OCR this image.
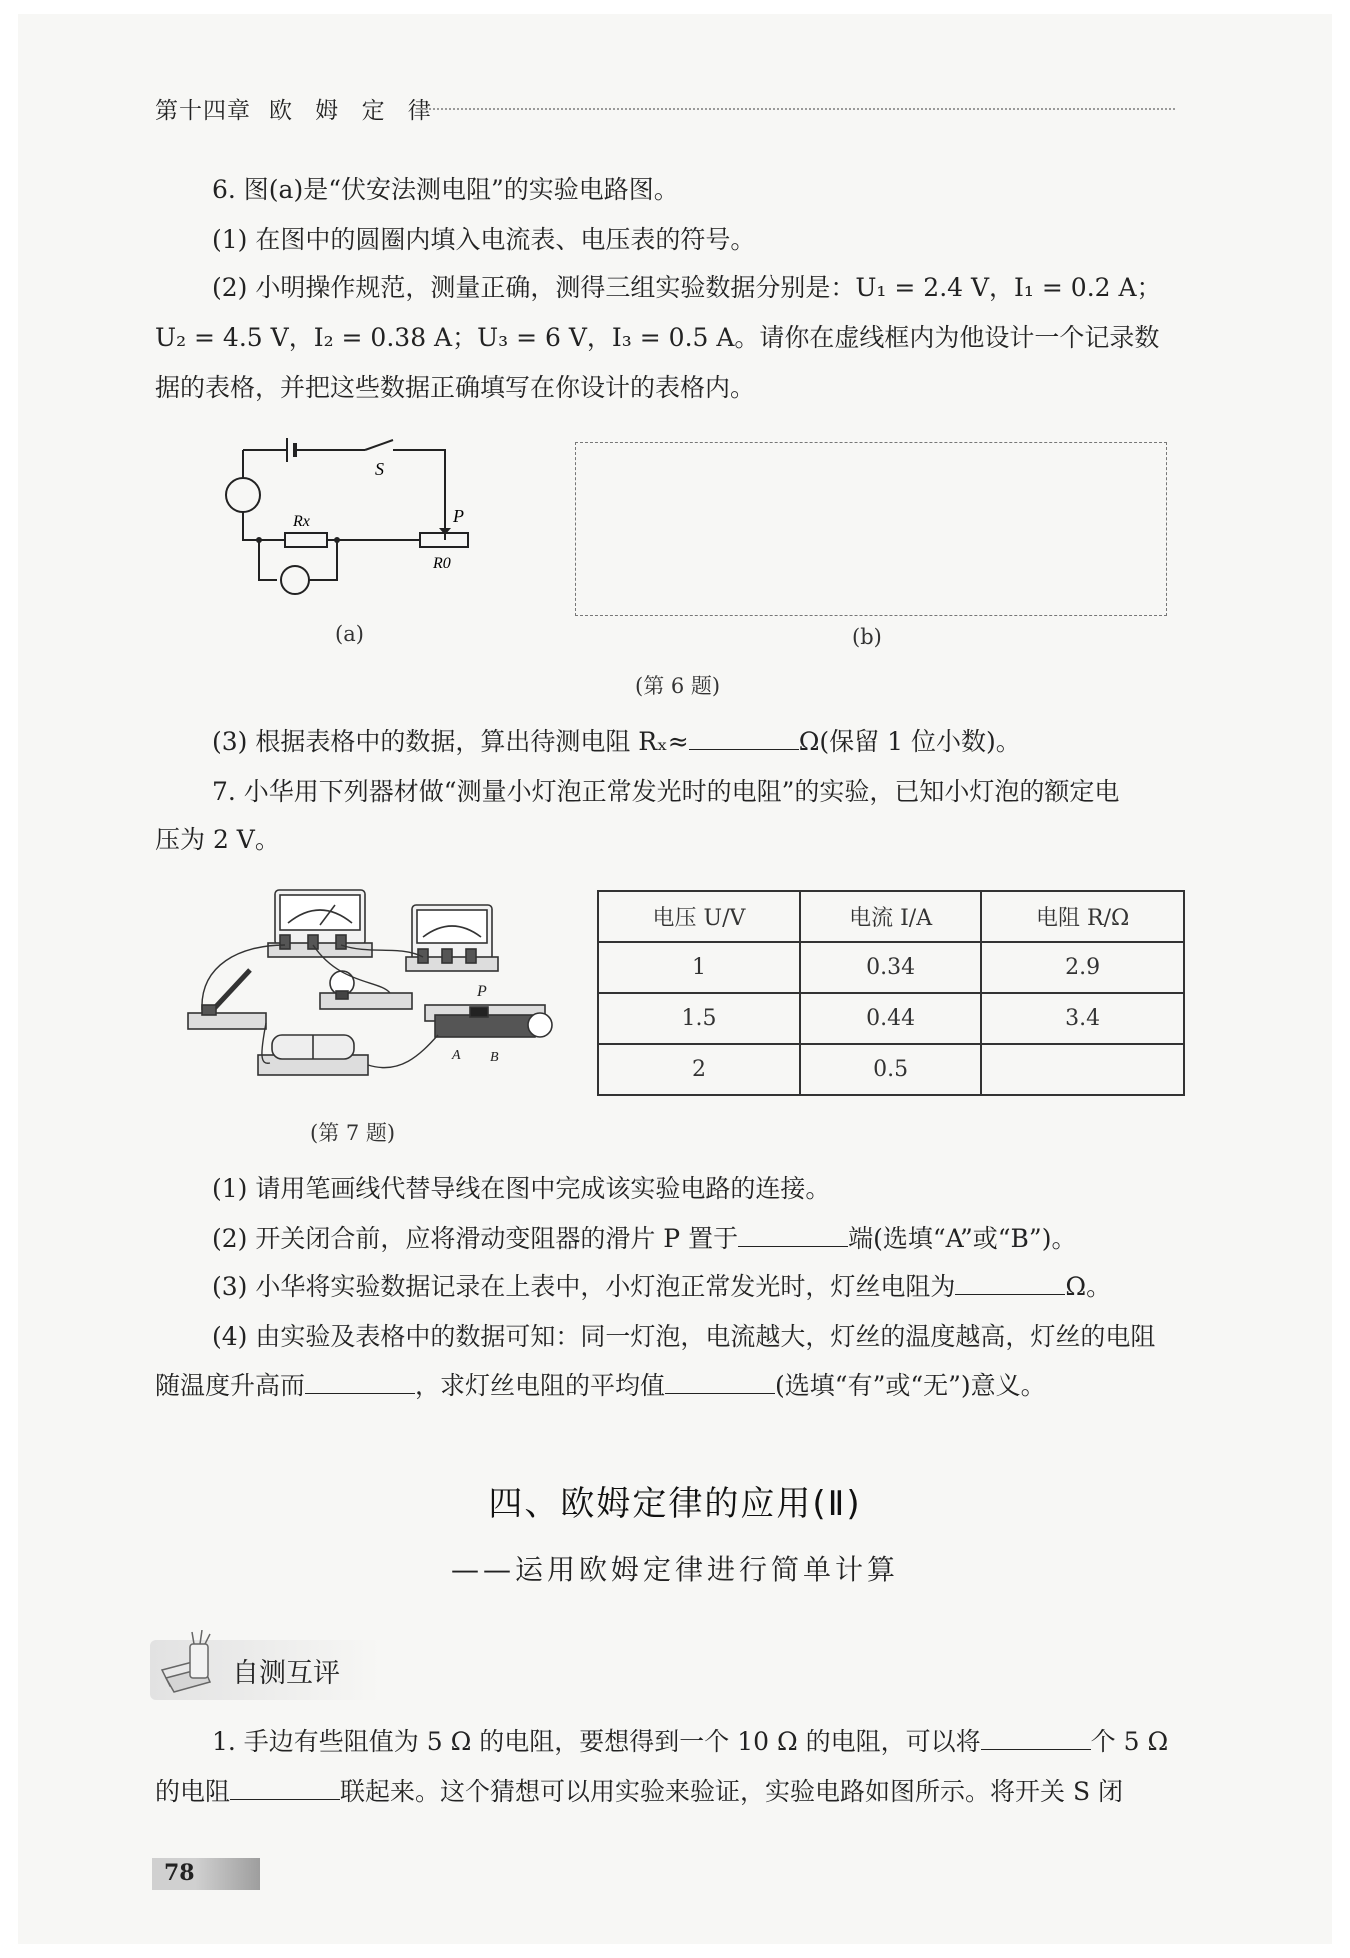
第十四章 欧 姆 定 律
6. 图(a)是“伏安法测电阻”的实验电路图。
(1) 在图中的圆圈内填入电流表、电压表的符号。
(2) 小明操作规范，测量正确，测得三组实验数据分别是：U₁ = 2.4 V，I₁ = 0.2 A；
U₂ = 4.5 V，I₂ = 0.38 A；U₃ = 6 V，I₃ = 0.5 A。请你在虚线框内为他设计一个记录数
据的表格，并把这些数据正确填写在你设计的表格内。
S
Rx	P
R0
(a)	(b)
(第 6 题)
(3) 根据表格中的数据，算出待测电阻 Rₓ≈	Ω(保留 1 位小数)。
7. 小华用下列器材做“测量小灯泡正常发光时的电阻”的实验，已知小灯泡的额定电
压为 2 V。
P
A B
(第 7 题)
电压 U/V	电流 I/A	电阻 R/Ω
1	0.34	2.9
1.5	0.44	3.4
2	0.5	
(1) 请用笔画线代替导线在图中完成该实验电路的连接。
(2) 开关闭合前，应将滑动变阻器的滑片 P 置于	端(选填“A”或“B”)。
(3) 小华将实验数据记录在上表中，小灯泡正常发光时，灯丝电阻为	Ω。
(4) 由实验及表格中的数据可知：同一灯泡，电流越大，灯丝的温度越高，灯丝的电阻
随温度升高而	，求灯丝电阻的平均值	(选填“有”或“无”)意义。
四、欧姆定律的应用(Ⅱ)
——运用欧姆定律进行简单计算
自测互评
1. 手边有些阻值为 5 Ω 的电阻，要想得到一个 10 Ω 的电阻，可以将	个 5 Ω
的电阻	联起来。这个猜想可以用实验来验证，实验电路如图所示。将开关 S 闭
78
